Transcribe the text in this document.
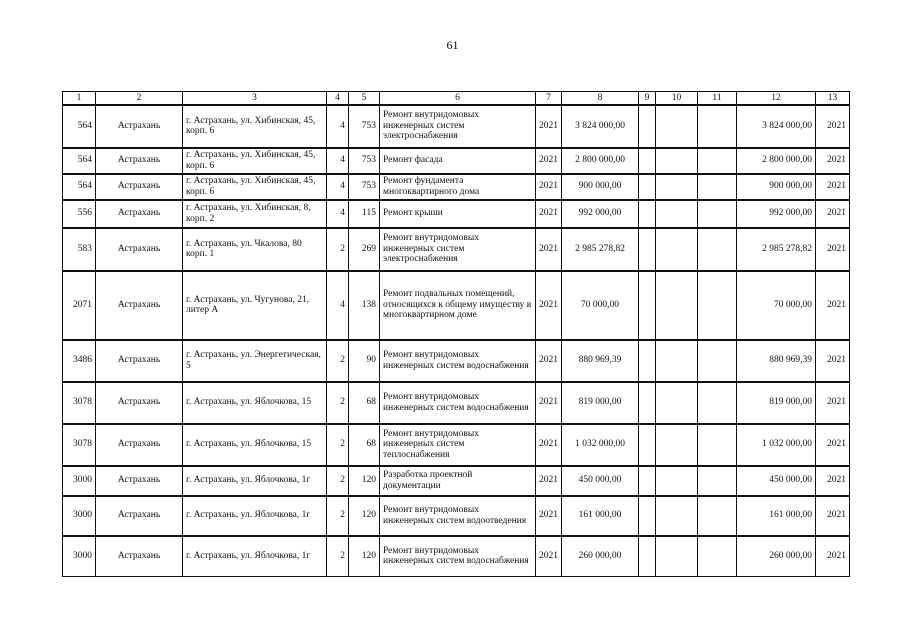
61
1	2	3	4	5	6	7	8	9	10	11	12	13
564	Астрахань	г. Астрахань, ул. Хибинская, 45, корп. 6	4	753	Ремонт внутридомовых инженерных систем электроснабжения	2021	3 824 000,00				3 824 000,00	2021
564	Астрахань	г. Астрахань, ул. Хибинская, 45, корп. 6	4	753	Ремонт фасада	2021	2 800 000,00				2 800 000,00	2021
564	Астрахань	г. Астрахань, ул. Хибинская, 45, корп. 6	4	753	Ремонт фундамента многоквартирного дома	2021	900 000,00				900 000,00	2021
556	Астрахань	г. Астрахань, ул. Хибинская, 8, корп. 2	4	115	Ремонт крыши	2021	992 000,00				992 000,00	2021
583	Астрахань	г. Астрахань, ул. Чкалова, 80 корп. 1	2	269	Ремонт внутридомовых инженерных систем электроснабжения	2021	2 985 278,82				2 985 278,82	2021
2071	Астрахань	г. Астрахань, ул. Чугунова, 21, литер А	4	138	Ремонт подвальных помещений, относящихся к общему имуществу в многоквартирном доме	2021	70 000,00				70 000,00	2021
3486	Астрахань	г. Астрахань, ул. Энергетическая, 5	2	90	Ремонт внутридомовых инженерных систем водоснабжения	2021	880 969,39				880 969,39	2021
3078	Астрахань	г. Астрахань, ул. Яблочкова, 15	2	68	Ремонт внутридомовых инженерных систем водоснабжения	2021	819 000,00				819 000,00	2021
3078	Астрахань	г. Астрахань, ул. Яблочкова, 15	2	68	Ремонт внутридомовых инженерных систем теплоснабжения	2021	1 032 000,00				1 032 000,00	2021
3000	Астрахань	г. Астрахань, ул. Яблочкова, 1г	2	120	Разработка проектной документации	2021	450 000,00				450 000,00	2021
3000	Астрахань	г. Астрахань, ул. Яблочкова, 1г	2	120	Ремонт внутридомовых инженерных систем водоотведения	2021	161 000,00				161 000,00	2021
3000	Астрахань	г. Астрахань, ул. Яблочкова, 1г	2	120	Ремонт внутридомовых инженерных систем водоснабжения	2021	260 000,00				260 000,00	2021
